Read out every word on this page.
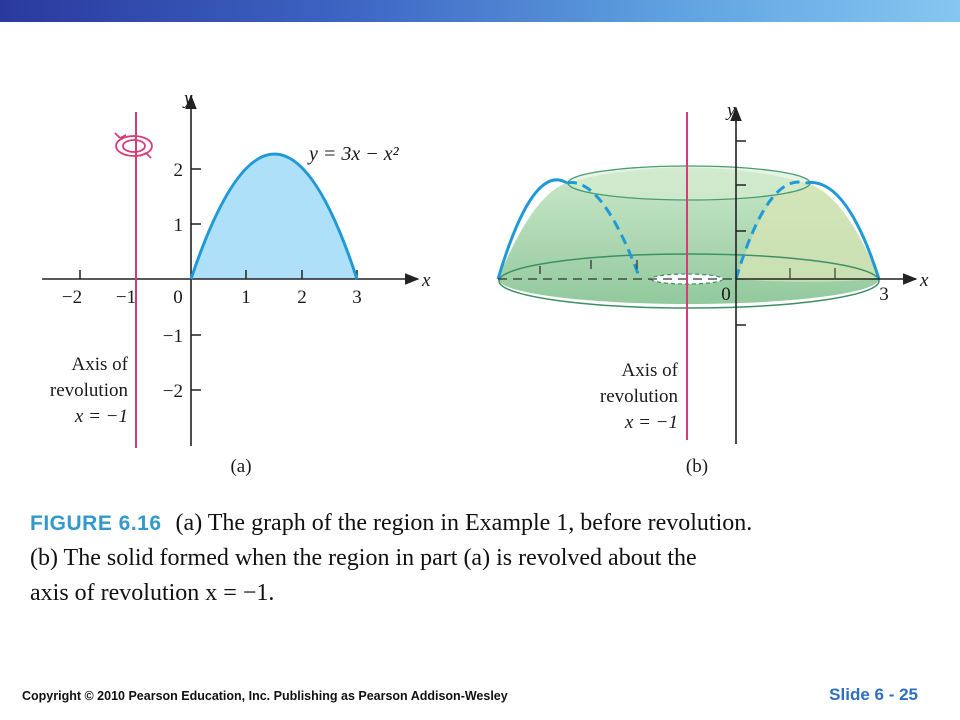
y
x
y = 3x − x²
−2 −1 0	1 2 3
2
1
−1
−2
Axis of
revolution
x = −1
(a)
y
x
0	3
Axis of
revolution
x = −1
(b)
FIGURE 6.16 (a) The graph of the region in Example 1, before revolution.
(b) The solid formed when the region in part (a) is revolved about the
axis of revolution x = −1.
Copyright © 2010 Pearson Education, Inc. Publishing as Pearson Addison-Wesley	Slide 6 - 25
